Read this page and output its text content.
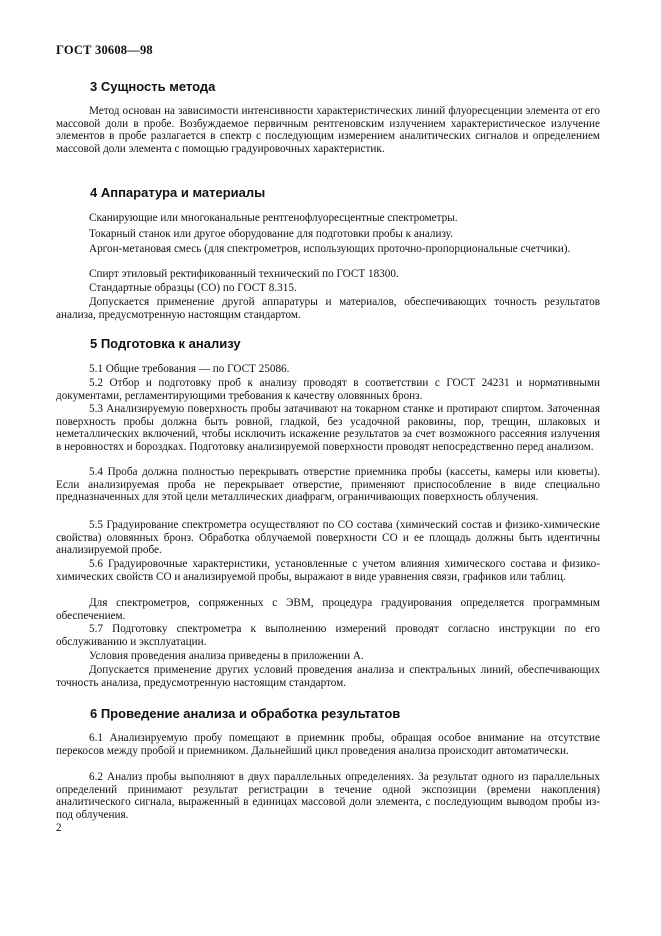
ГОСТ 30608—98
3 Сущность метода
Метод основан на зависимости интенсивности характеристических линий флуоресценции элемента от его массовой доли в пробе. Возбуждаемое первичным рентгеновским излучением характеристическое излучение элементов в пробе разлагается в спектр с последующим измерением аналитических сигналов и определением массовой доли элемента с помощью градуировочных характеристик.
4 Аппаратура и материалы
Сканирующие или многоканальные рентгенофлуоресцентные спектрометры.
Токарный станок или другое оборудование для подготовки пробы к анализу.
Аргон-метановая смесь (для спектрометров, использующих проточно-пропорциональные счетчики).
Спирт этиловый ректификованный технический по ГОСТ 18300.
Стандартные образцы (СО) по ГОСТ 8.315.
Допускается применение другой аппаратуры и материалов, обеспечивающих точность результатов анализа, предусмотренную настоящим стандартом.
5 Подготовка к анализу
5.1 Общие требования — по ГОСТ 25086.
5.2 Отбор и подготовку проб к анализу проводят в соответствии с ГОСТ 24231 и нормативными документами, регламентирующими требования к качеству оловянных бронз.
5.3 Анализируемую поверхность пробы затачивают на токарном станке и протирают спиртом. Заточенная поверхность пробы должна быть ровной, гладкой, без усадочной раковины, пор, трещин, шлаковых и неметаллических включений, чтобы исключить искажение результатов за счет возможного рассеяния излучения в неровностях и бороздках. Подготовку анализируемой поверхности проводят непосредственно перед анализом.
5.4 Проба должна полностью перекрывать отверстие приемника пробы (кассеты, камеры или кюветы). Если анализируемая проба не перекрывает отверстие, применяют приспособление в виде специально предназначенных для этой цели металлических диафрагм, ограничивающих поверхность облучения.
5.5 Градуирование спектрометра осуществляют по СО состава (химический состав и физико-химические свойства) оловянных бронз. Обработка облучаемой поверхности СО и ее площадь должны быть идентичны анализируемой пробе.
5.6 Градуировочные характеристики, установленные с учетом влияния химического состава и физико-химических свойств СО и анализируемой пробы, выражают в виде уравнения связи, графиков или таблиц.
Для спектрометров, сопряженных с ЭВМ, процедура градуирования определяется программным обеспечением.
5.7 Подготовку спектрометра к выполнению измерений проводят согласно инструкции по его обслуживанию и эксплуатации.
Условия проведения анализа приведены в приложении А.
Допускается применение других условий проведения анализа и спектральных линий, обеспечивающих точность анализа, предусмотренную настоящим стандартом.
6 Проведение анализа и обработка результатов
6.1 Анализируемую пробу помещают в приемник пробы, обращая особое внимание на отсутствие перекосов между пробой и приемником. Дальнейший цикл проведения анализа происходит автоматически.
6.2 Анализ пробы выполняют в двух параллельных определениях. За результат одного из параллельных определений принимают результат регистрации в течение одной экспозиции (времени накопления) аналитического сигнала, выраженный в единицах массовой доли элемента, с последующим выводом пробы из-под облучения.
2
